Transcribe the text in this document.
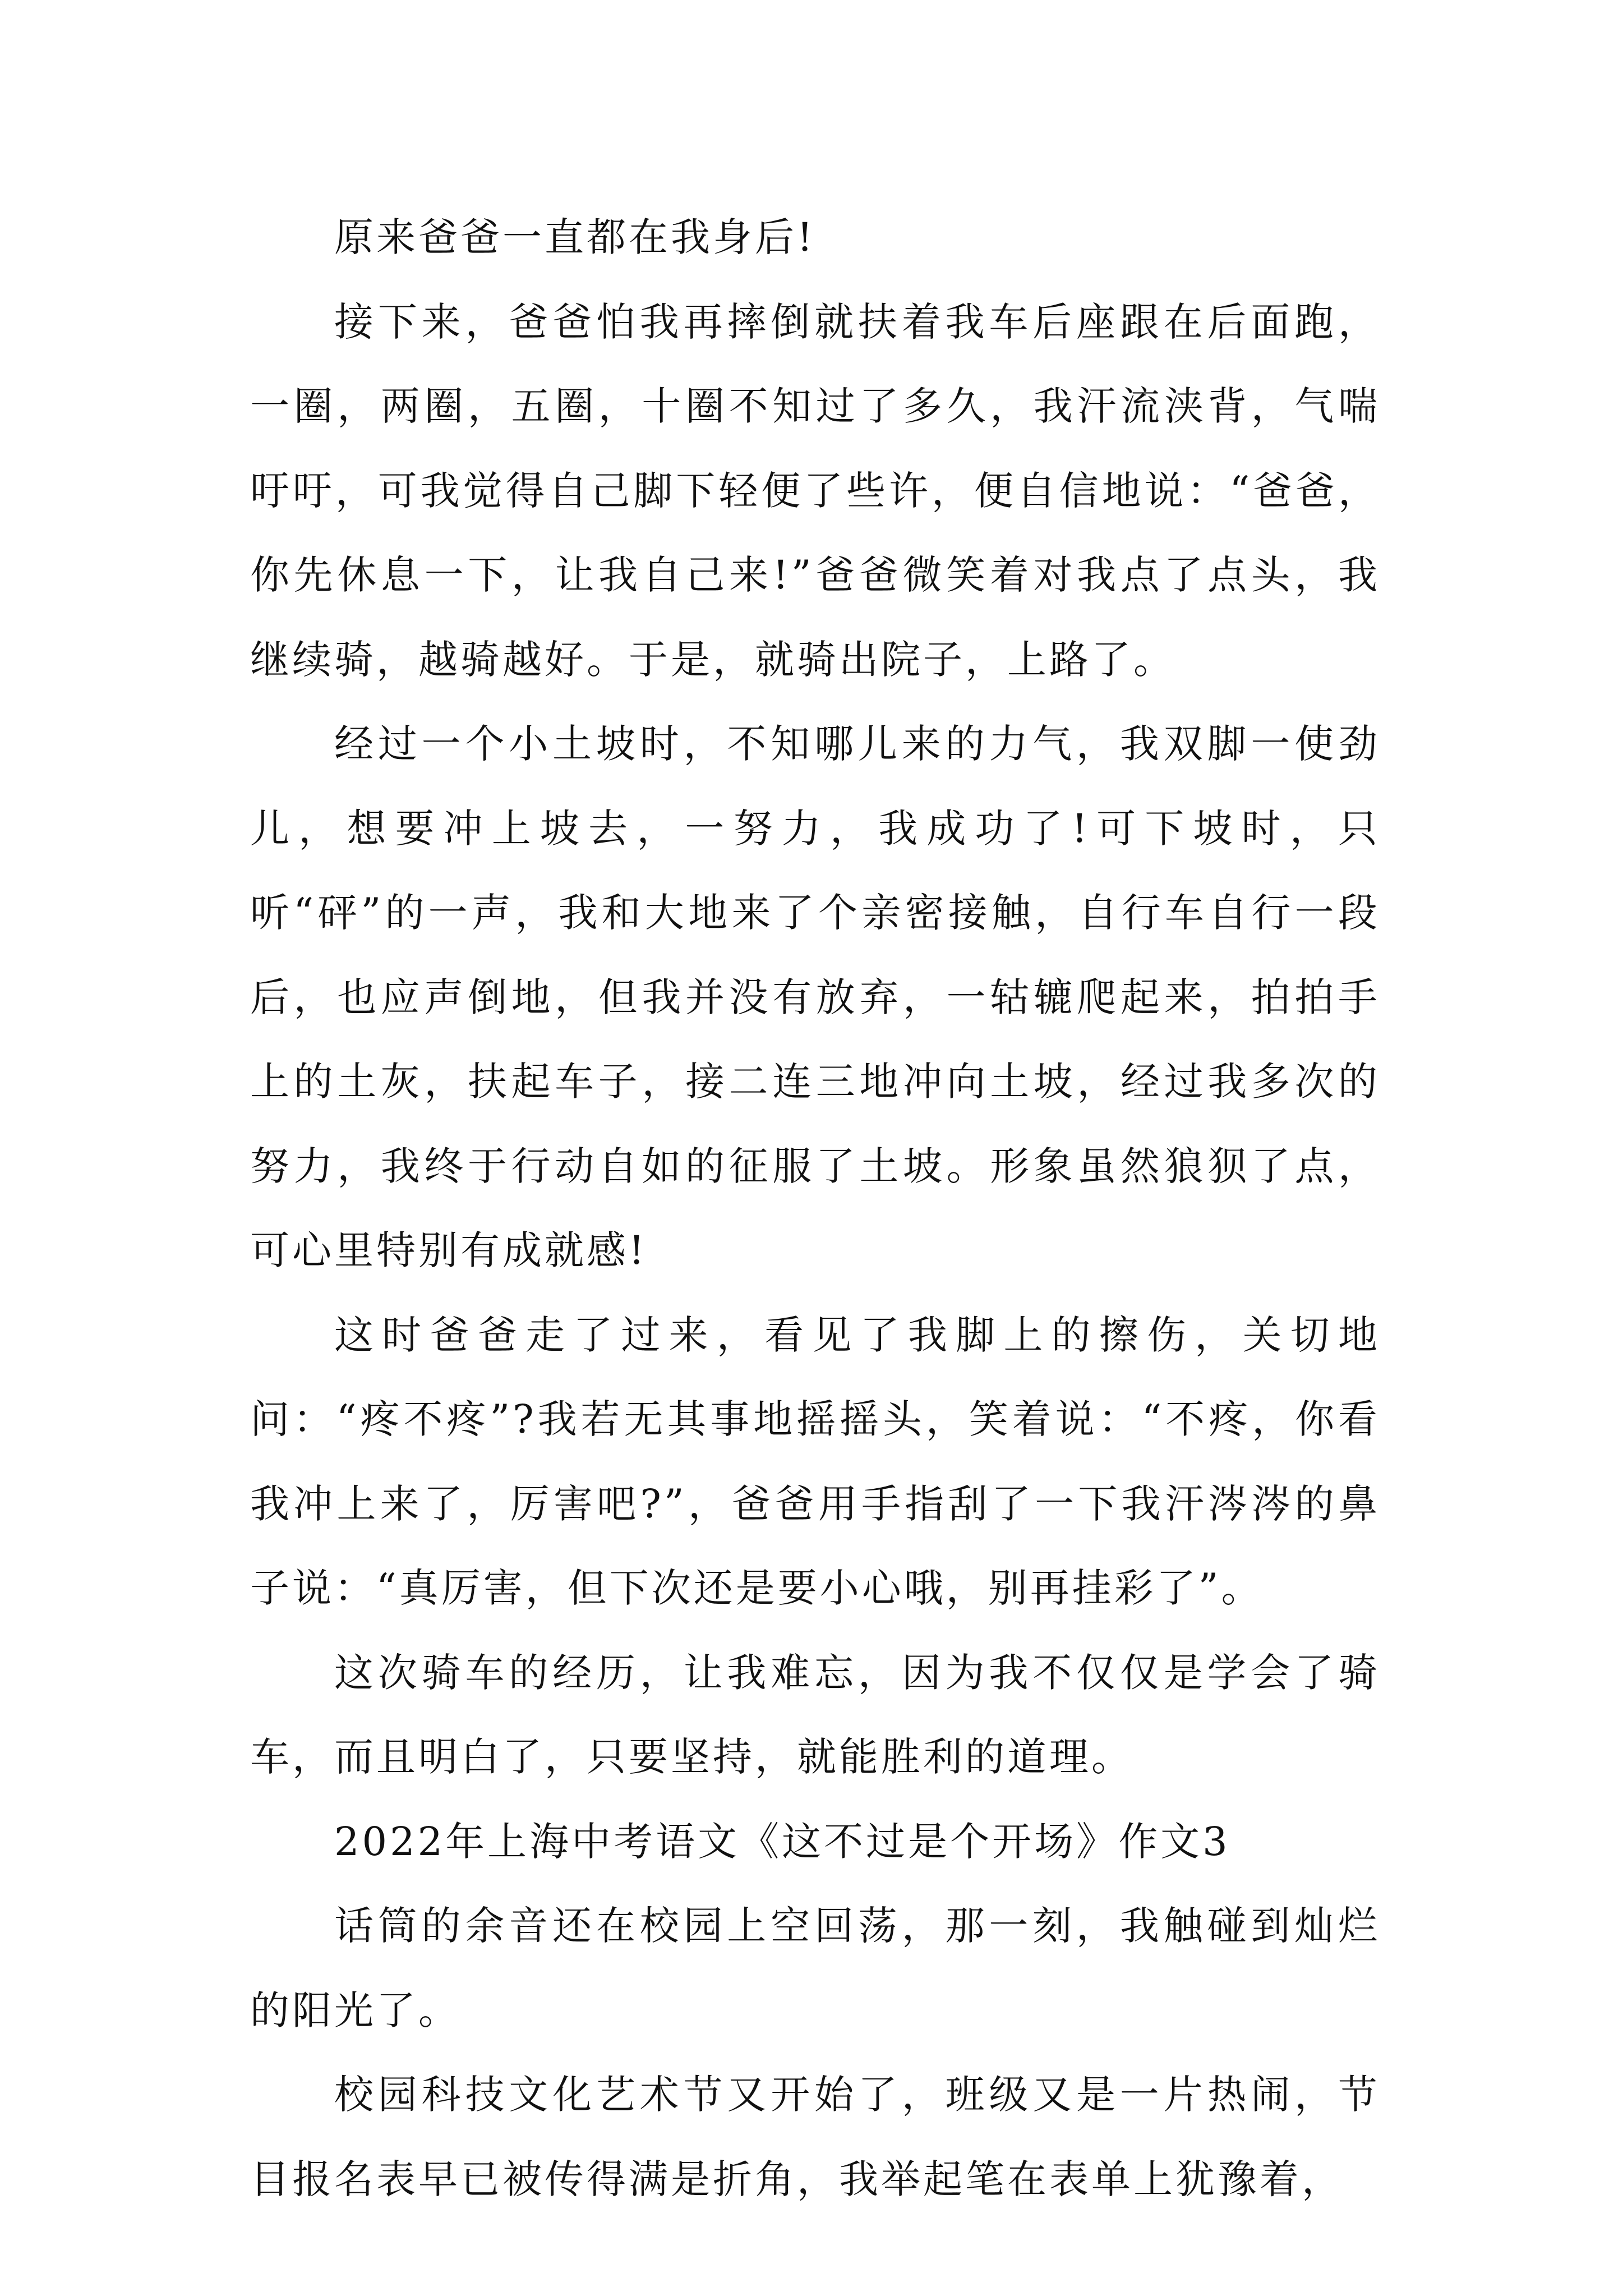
原来爸爸一直都在我身后!

接下来，爸爸怕我再摔倒就扶着我车后座跟在后面跑，一圈，两圈，五圈，十圈不知过了多久，我汗流浃背，气喘吁吁，可我觉得自己脚下轻便了些许，便自信地说：“爸爸，你先休息一下，让我自己来!”爸爸微笑着对我点了点头，我继续骑，越骑越好。于是，就骑出院子，上路了。

经过一个小土坡时，不知哪儿来的力气，我双脚一使劲儿，想要冲上坡去，一努力，我成功了!可下坡时，只听“砰”的一声，我和大地来了个亲密接触，自行车自行一段后，也应声倒地，但我并没有放弃，一轱辘爬起来，拍拍手上的土灰，扶起车子，接二连三地冲向土坡，经过我多次的努力，我终于行动自如的征服了土坡。形象虽然狼狈了点，可心里特别有成就感!

这时爸爸走了过来，看见了我脚上的擦伤，关切地问：“疼不疼”?我若无其事地摇摇头，笑着说：“不疼，你看我冲上来了，厉害吧?”，爸爸用手指刮了一下我汗涔涔的鼻子说：“真厉害，但下次还是要小心哦，别再挂彩了”。

这次骑车的经历，让我难忘，因为我不仅仅是学会了骑车，而且明白了，只要坚持，就能胜利的道理。

2022年上海中考语文《这不过是个开场》作文3

话筒的余音还在校园上空回荡，那一刻，我触碰到灿烂的阳光了。

校园科技文化艺术节又开始了，班级又是一片热闹，节目报名表早已被传得满是折角，我举起笔在表单上犹豫着，
